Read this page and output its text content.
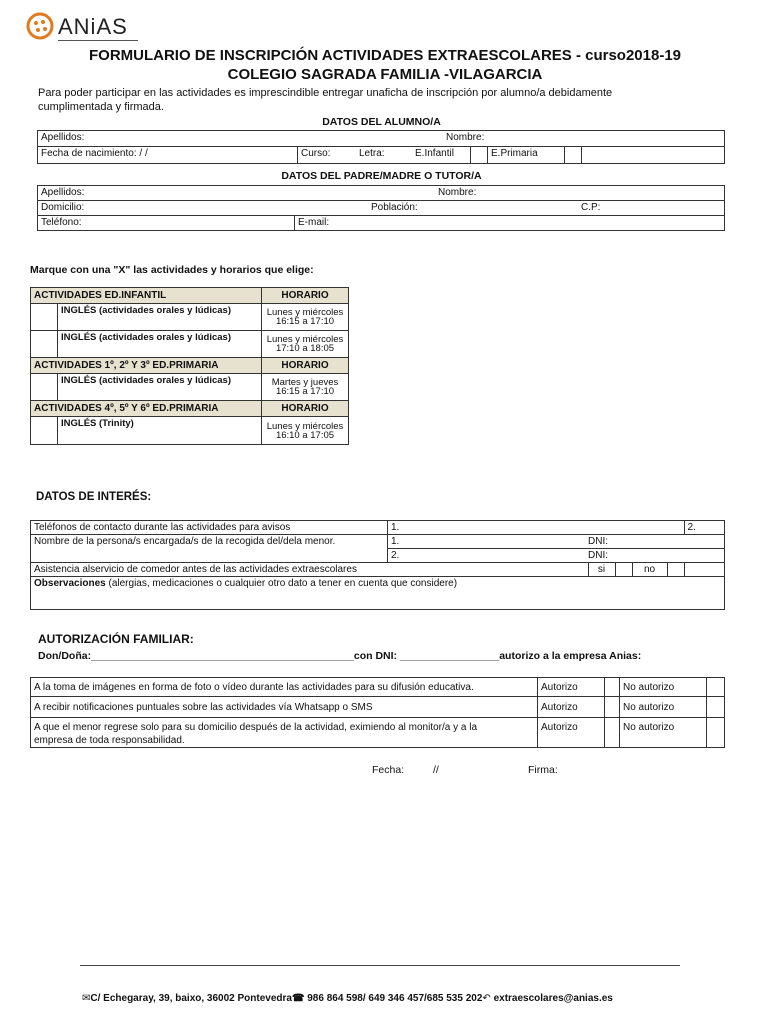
ANiAS
FORMULARIO DE INSCRIPCIÓN ACTIVIDADES EXTRAESCOLARES - curso2018-19
COLEGIO SAGRADA FAMILIA -VILAGARCIA
Para poder participar en las actividades es imprescindible entregar unaficha de inscripción por alumno/a debidamente
cumplimentada y firmada.
DATOS DEL ALUMNO/A
Apellidos:	Nombre:

Fecha de nacimiento: / /	Curso:	Letra:	E.Infantil		E.Primaria		
DATOS DEL PADRE/MADRE O TUTOR/A
Apellidos:	Nombre:

Domicilio:	Población:	C.P:

Teléfono:	E-mail:
Marque con una "X" las actividades y horarios que elige:
ACTIVIDADES ED.INFANTIL		HORARIO
	INGLÉS (actividades orales y lúdicas)	Lunes y miércoles
16:15 a 17:10

	INGLÉS (actividades orales y lúdicas)	Lunes y miércoles
17:10 a 18:05

ACTIVIDADES 1º, 2º Y 3º ED.PRIMARIA		HORARIO
	INGLÉS (actividades orales y lúdicas)	Martes y jueves
16:15 a 17:10

ACTIVIDADES 4º, 5º Y 6º ED.PRIMARIA		HORARIO
	INGLÉS (Trinity)	Lunes y miércoles
16:10 a 17:05
DATOS DE INTERÉS:
Teléfonos de contacto durante las actividades para avisos	1.					2.
Nombre de la persona/s encargada/s de la recogida del/dela menor.	1. DNI:					

	2. DNI:					

Asistencia alservicio de comedor antes de las actividades extraescolares		si		no		
Observaciones (alergias, medicaciones o cualquier otro dato a tener en cuenta que considere)						
AUTORIZACIÓN FAMILIAR:
Don/Doña:_____________________________________________con DNI: _________________autorizo a la empresa Anias:
A la toma de imágenes en forma de foto o vídeo durante las actividades para su difusión educativa.	Autorizo		No autorizo	
A recibir notificaciones puntuales sobre las actividades vía Whatsapp o SMS	Autorizo		No autorizo	

A que el menor regrese solo para su domicilio después de la actividad, eximiendo al monitor/a y a la
empresa de toda responsabilidad.	Autorizo		No autorizo	
Fecha:	//	Firma:
✉C/ Echegaray, 39, baixo, 36002 Pontevedra☎ 986 864 598/ 649 346 457/685 535 202↶ extraescolares@anias.es
